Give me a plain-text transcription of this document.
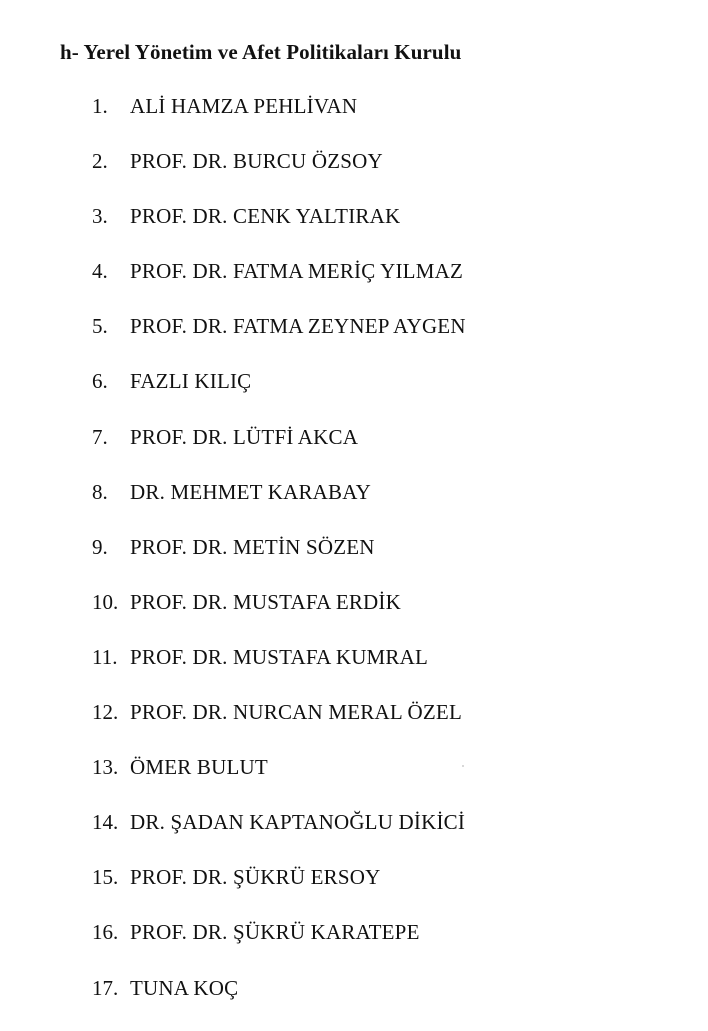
h- Yerel Yönetim ve Afet Politikaları Kurulu
1.	ALİ HAMZA PEHLİVAN
2.	PROF. DR. BURCU ÖZSOY
3.	PROF. DR. CENK YALTIRAK
4.	PROF. DR. FATMA MERİÇ YILMAZ
5.	PROF. DR. FATMA ZEYNEP AYGEN
6.	FAZLI KILIÇ
7.	PROF. DR. LÜTFİ AKCA
8.	DR. MEHMET KARABAY
9.	PROF. DR. METİN SÖZEN
10. PROF. DR. MUSTAFA ERDİK
11. PROF. DR. MUSTAFA KUMRAL
12. PROF. DR. NURCAN MERAL ÖZEL
13. ÖMER BULUT
14. DR. ŞADAN KAPTANOĞLU DİKİCİ
15. PROF. DR. ŞÜKRÜ ERSOY
16. PROF. DR. ŞÜKRÜ KARATEPE
17. TUNA KOÇ
